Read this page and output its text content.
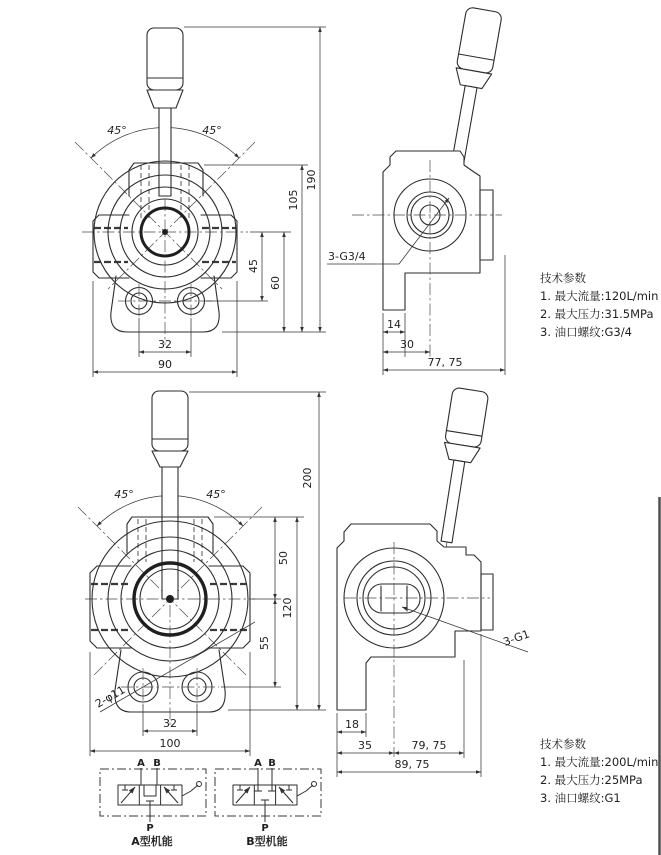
45°	45°
45
60
105
190
32
90
3-G3/4
14
30
77, 75
技术参数
1. 最大流量:120L/min
2. 最大压力:31.5MPa
3. 油口螺纹:G3/4
45°	45°
2-φ11
50
55
120
200
32
100
3-G1
18
35	79, 75
89, 75
技术参数
1. 最大流量:200L/min
2. 最大压力:25MPa
3. 油口螺纹:G1
A B
P
A型机能
A B
P
B型机能
